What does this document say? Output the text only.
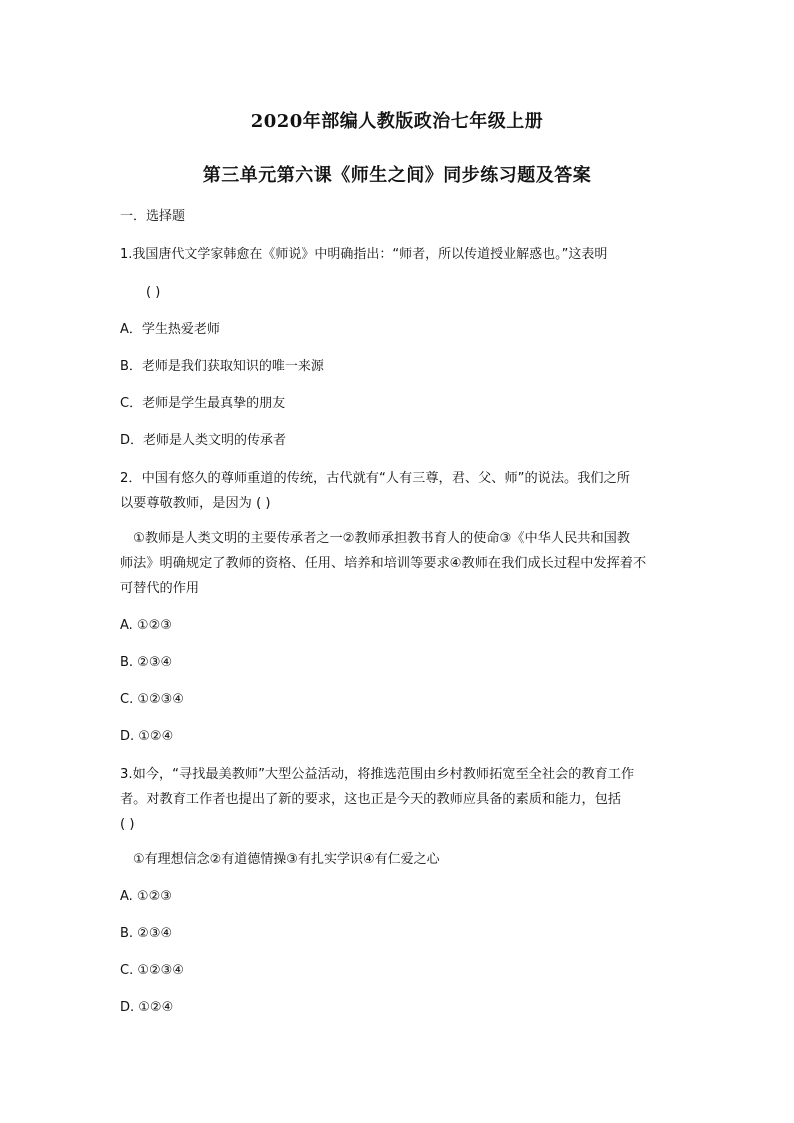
2020年部编人教版政治七年级上册
第三单元第六课《师生之间》同步练习题及答案
一．选择题
1.我国唐代文学家韩愈在《师说》中明确指出：“师者，所以传道授业解惑也。”这表明
( )
A．学生热爱老师
B．老师是我们获取知识的唯一来源
C．老师是学生最真挚的朋友
D．老师是人类文明的传承者
2．中国有悠久的尊师重道的传统，古代就有“人有三尊，君、父、师”的说法。我们之所
以要尊敬教师，是因为 ( )
①教师是人类文明的主要传承者之一②教师承担教书育人的使命③《中华人民共和国教
师法》明确规定了教师的资格、任用、培养和培训等要求④教师在我们成长过程中发挥着不
可替代的作用
A. ①②③
B. ②③④
C. ①②③④
D. ①②④
3.如今，“寻找最美教师”大型公益活动，将推选范围由乡村教师拓宽至全社会的教育工作
者。对教育工作者也提出了新的要求，这也正是今天的教师应具备的素质和能力，包括
( )
①有理想信念②有道德情操③有扎实学识④有仁爱之心
A. ①②③
B. ②③④
C. ①②③④
D. ①②④
